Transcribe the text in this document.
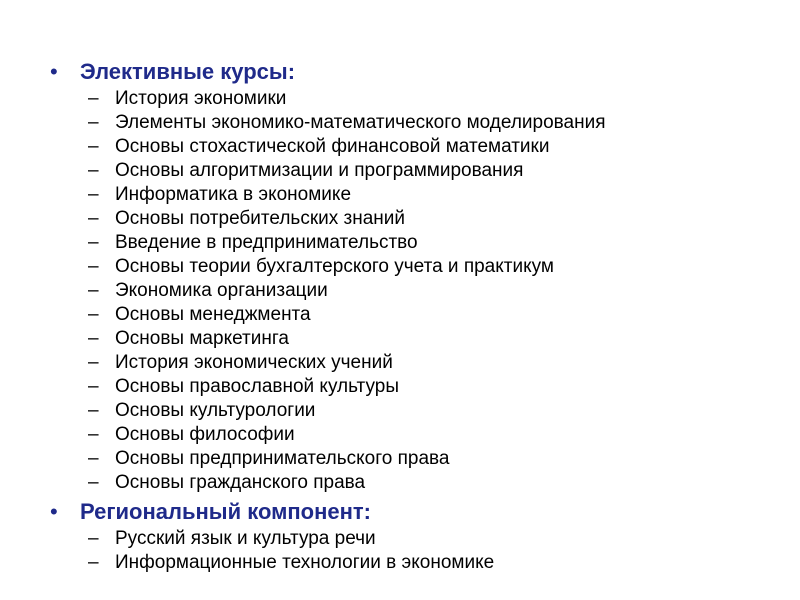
• Элективные курсы:
– История экономики
– Элементы экономико-математического моделирования
– Основы стохастической финансовой математики
– Основы алгоритмизации и программирования
– Информатика в экономике
– Основы потребительских знаний
– Введение в предпринимательство
– Основы теории бухгалтерского учета и практикум
– Экономика организации
– Основы менеджмента
– Основы маркетинга
– История экономических учений
– Основы православной культуры
– Основы культурологии
– Основы философии
– Основы предпринимательского права
– Основы гражданского права
• Региональный компонент:
– Русский язык и культура речи
– Информационные технологии в экономике
